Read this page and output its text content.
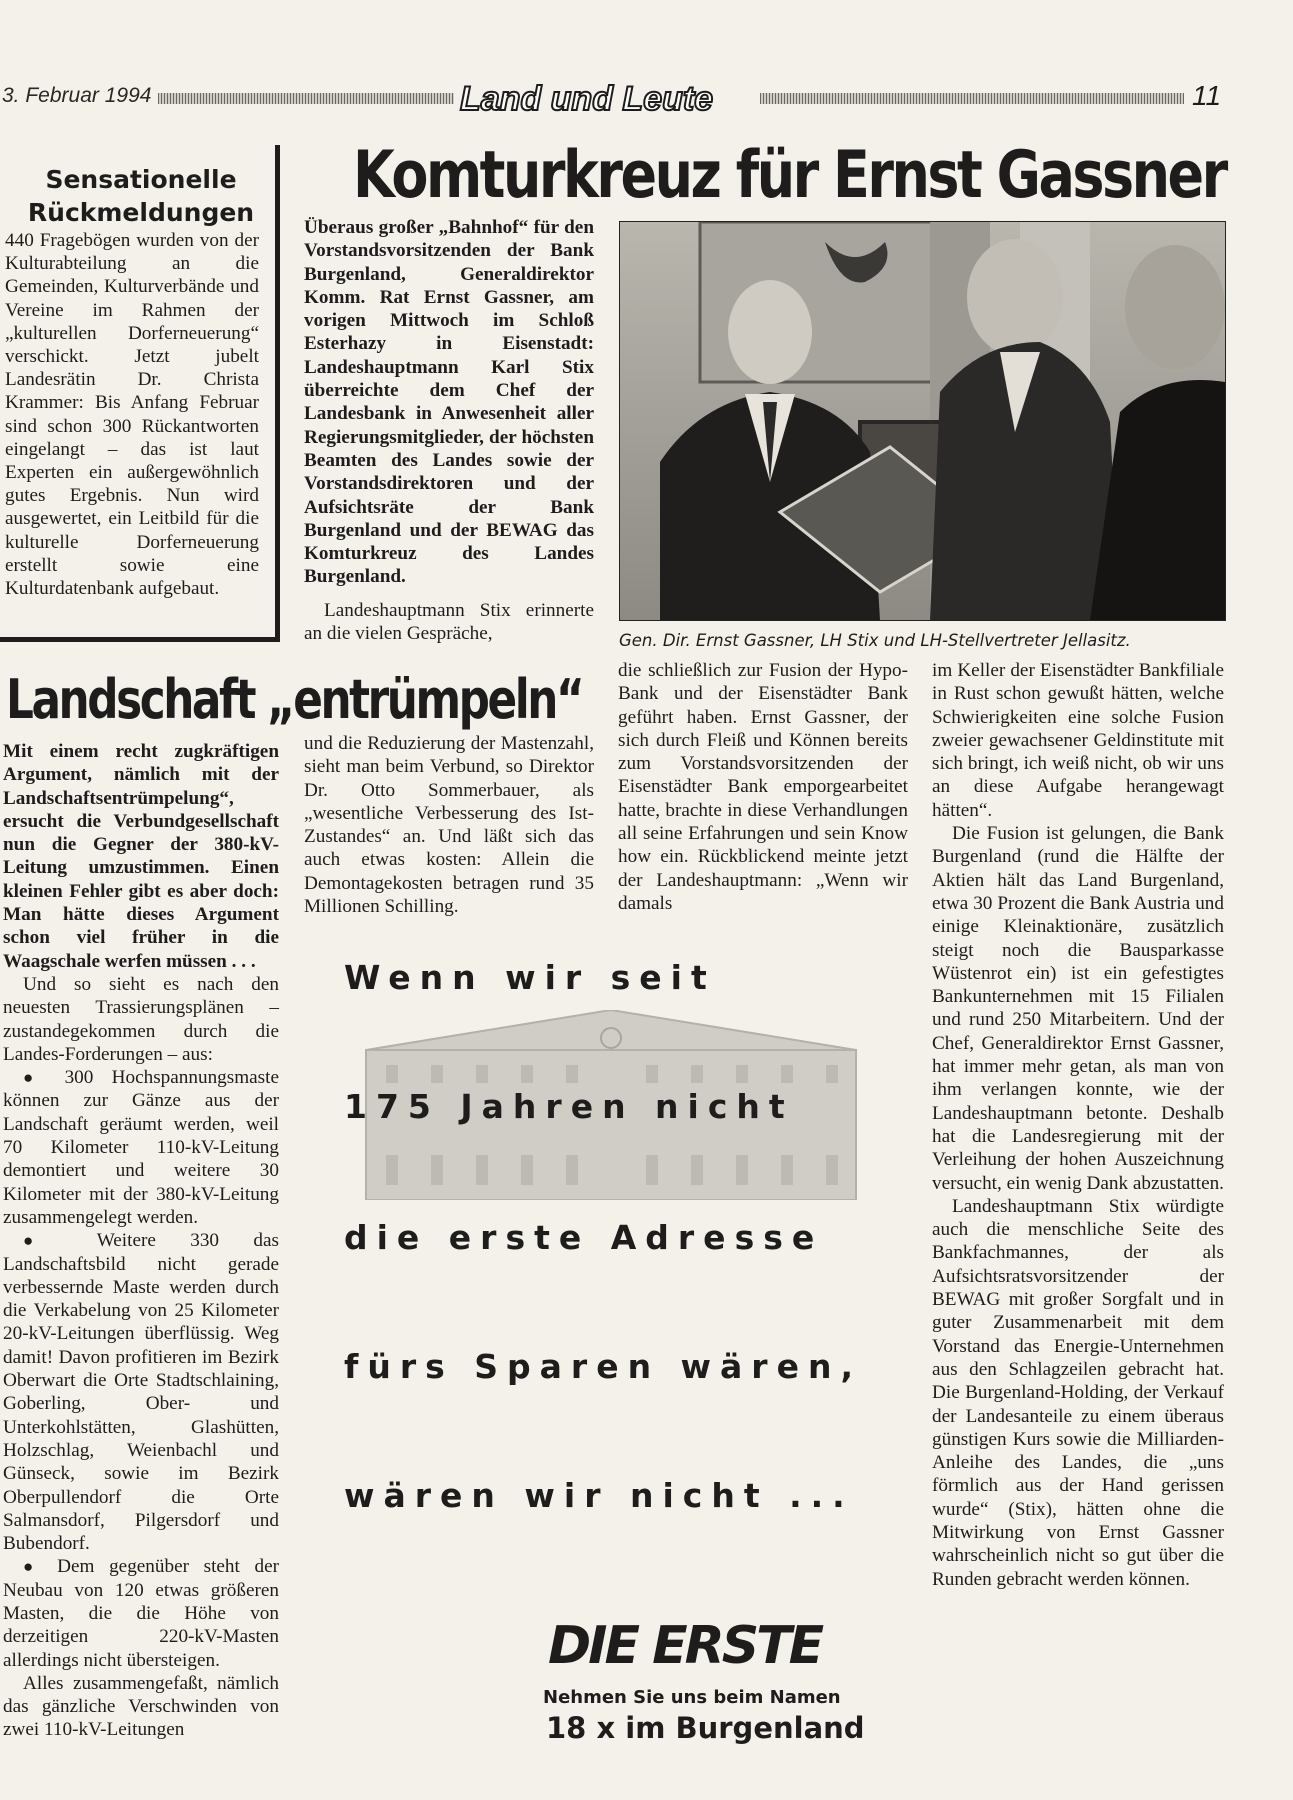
3. Februar 1994	Land und Leute	11
Sensationelle
Rückmeldungen
440 Fragebögen wurden von der Kulturabteilung an die Gemeinden, Kulturverbände und Vereine im Rahmen der „kulturellen Dorferneuerung“ verschickt. Jetzt jubelt Landesrätin Dr. Christa Krammer: Bis Anfang Februar sind schon 300 Rückantworten eingelangt – das ist laut Experten ein außergewöhnlich gutes Ergebnis. Nun wird ausgewertet, ein Leitbild für die kulturelle Dorferneuerung erstellt sowie eine Kulturdatenbank aufgebaut.
Komturkreuz für Ernst Gassner

Überaus großer „Bahnhof“ für den Vorstandsvorsitzenden der Bank Burgenland, Generaldirektor Komm. Rat Ernst Gassner, am vorigen Mittwoch im Schloß Esterhazy in Eisenstadt: Landeshauptmann Karl Stix überreichte dem Chef der Landesbank in Anwesenheit aller Regierungsmitglieder, der höchsten Beamten des Landes sowie der Vorstandsdirektoren und der Aufsichtsräte der Bank Burgenland und der BEWAG das Komturkreuz des Landes Burgenland.

Landeshauptmann Stix erinnerte an die vielen Gespräche,	Gen. Dir. Ernst Gassner, LH Stix und LH-Stellvertreter Jellasitz.
Landschaft „entrümpeln“
Mit einem recht zugkräftigen Argument, nämlich mit der Landschaftsentrümpelung“, ersucht die Verbundgesellschaft nun die Gegner der 380-kV-Leitung umzustimmen. Einen kleinen Fehler gibt es aber doch: Man hätte dieses Argument schon viel früher in die Waagschale werfen müssen . . .
Und so sieht es nach den neuesten Trassierungsplänen – zustandegekommen durch die Landes-Forderungen – aus:
● 300 Hochspannungsmaste können zur Gänze aus der Landschaft geräumt werden, weil 70 Kilometer 110-kV-Leitung demontiert und weitere 30 Kilometer mit der 380-kV-Leitung zusammengelegt werden.
● Weitere 330 das Landschaftsbild nicht gerade verbessernde Maste werden durch die Verkabelung von 25 Kilometer 20-kV-Leitungen überflüssig. Weg damit! Davon profitieren im Bezirk Oberwart die Orte Stadtschlaining, Goberling, Ober- und Unterkohlstätten, Glashütten, Holzschlag, Weienbachl und Günseck, sowie im Bezirk Oberpullendorf die Orte Salmansdorf, Pilgersdorf und Bubendorf.
● Dem gegenüber steht der Neubau von 120 etwas größeren Masten, die die Höhe von derzeitigen 220-kV-Masten allerdings nicht übersteigen.
Alles zusammengefaßt, nämlich das gänzliche Verschwinden von zwei 110-kV-Leitungen
und die Reduzierung der Mastenzahl, sieht man beim Verbund, so Direktor Dr. Otto Sommerbauer, als „wesentliche Verbesserung des Ist-Zustandes“ an. Und läßt sich das auch etwas kosten: Allein die Demontagekosten betragen rund 35 Millionen Schilling.
die schließlich zur Fusion der Hypo-Bank und der Eisenstädter Bank geführt haben. Ernst Gassner, der sich durch Fleiß und Können bereits zum Vorstandsvorsitzenden der Eisenstädter Bank emporgearbeitet hatte, brachte in diese Verhandlungen all seine Erfahrungen und sein Know how ein. Rückblickend meinte jetzt der Landeshauptmann: „Wenn wir damals
im Keller der Eisenstädter Bankfiliale in Rust schon gewußt hätten, welche Schwierigkeiten eine solche Fusion zweier gewachsener Geldinstitute mit sich bringt, ich weiß nicht, ob wir uns an diese Aufgabe herangewagt hätten“.
Die Fusion ist gelungen, die Bank Burgenland (rund die Hälfte der Aktien hält das Land Burgenland, etwa 30 Prozent die Bank Austria und einige Kleinaktionäre, zusätzlich steigt noch die Bausparkasse Wüstenrot ein) ist ein gefestigtes Bankunternehmen mit 15 Filialen und rund 250 Mitarbeitern. Und der Chef, Generaldirektor Ernst Gassner, hat immer mehr getan, als man von ihm verlangen konnte, wie der Landeshauptmann betonte. Deshalb hat die Landesregierung mit der Verleihung der hohen Auszeichnung versucht, ein wenig Dank abzustatten.
Landeshauptmann Stix würdigte auch die menschliche Seite des Bankfachmannes, der als Aufsichtsratsvorsitzender der BEWAG mit großer Sorgfalt und in guter Zusammenarbeit mit dem Vorstand das Energie-Unternehmen aus den Schlagzeilen gebracht hat. Die Burgenland-Holding, der Verkauf der Landesanteile zu einem überaus günstigen Kurs sowie die Milliarden-Anleihe des Landes, die „uns förmlich aus der Hand gerissen wurde“ (Stix), hätten ohne die Mitwirkung von Ernst Gassner wahrscheinlich nicht so gut über die Runden gebracht werden können.
Wenn wir seit
175 Jahren nicht
die erste Adresse
fürs Sparen wären,
wären wir nicht ...
DIE ERSTE
Nehmen Sie uns beim Namen
18 x im Burgenland
